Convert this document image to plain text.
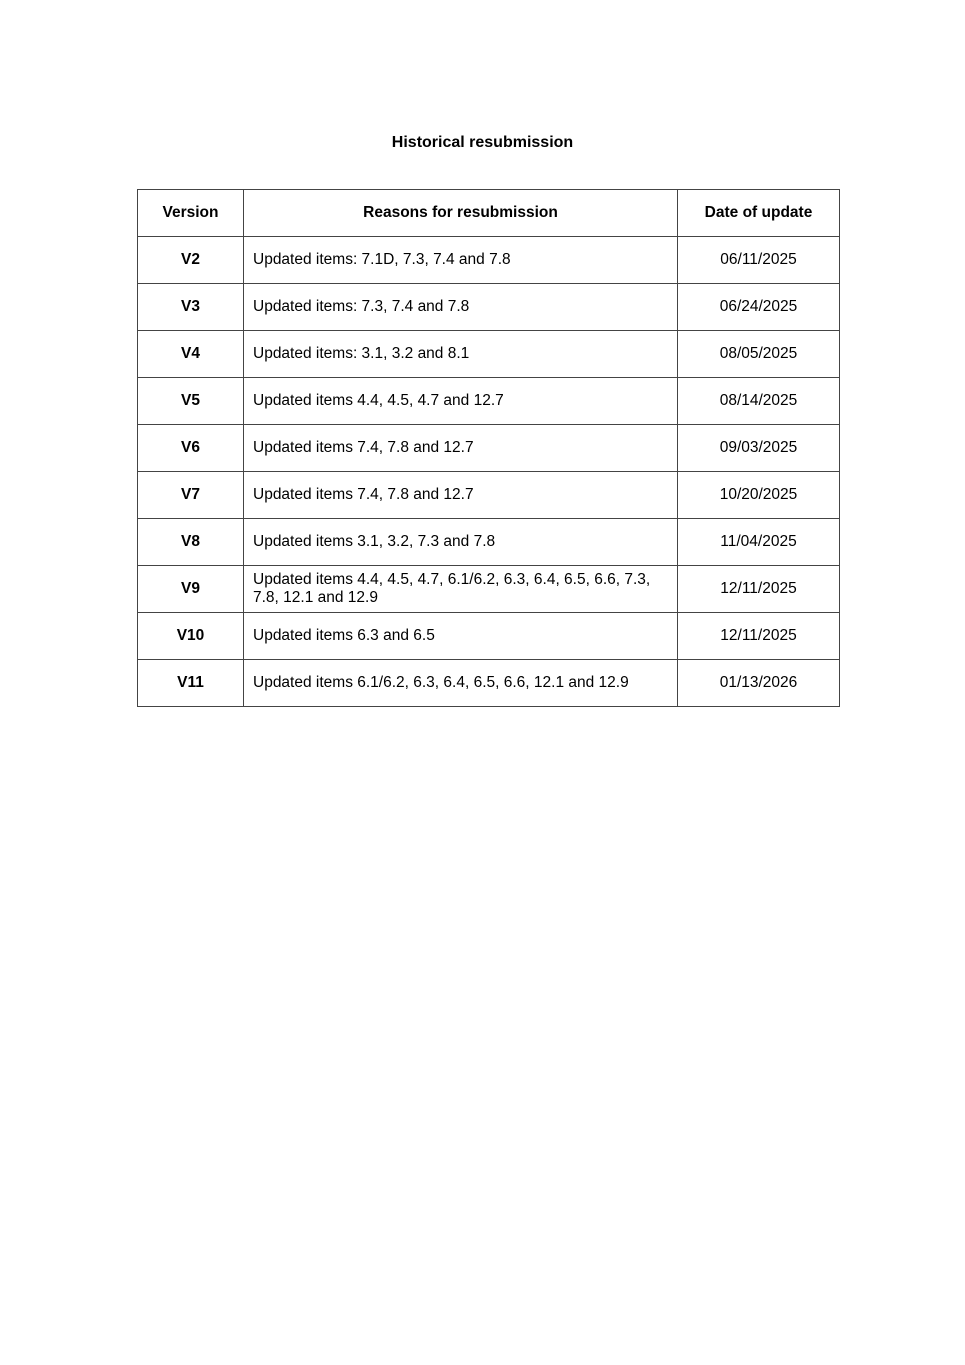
Historical resubmission
Version	Reasons for resubmission	Date of update
V2	Updated items: 7.1D, 7.3, 7.4 and 7.8	06/11/2025
V3	Updated items: 7.3, 7.4 and 7.8	06/24/2025
V4	Updated items: 3.1, 3.2 and 8.1	08/05/2025
V5	Updated items 4.4, 4.5, 4.7 and 12.7	08/14/2025
V6	Updated items 7.4, 7.8 and 12.7	09/03/2025
V7	Updated items 7.4, 7.8 and 12.7	10/20/2025
V8	Updated items 3.1, 3.2, 7.3 and 7.8	11/04/2025
V9	Updated items 4.4, 4.5, 4.7, 6.1/6.2, 6.3, 6.4, 6.5, 6.6, 7.3, 7.8, 12.1 and 12.9	12/11/2025
V10	Updated items 6.3 and 6.5	12/11/2025
V11	Updated items 6.1/6.2, 6.3, 6.4, 6.5, 6.6, 12.1 and 12.9	01/13/2026
